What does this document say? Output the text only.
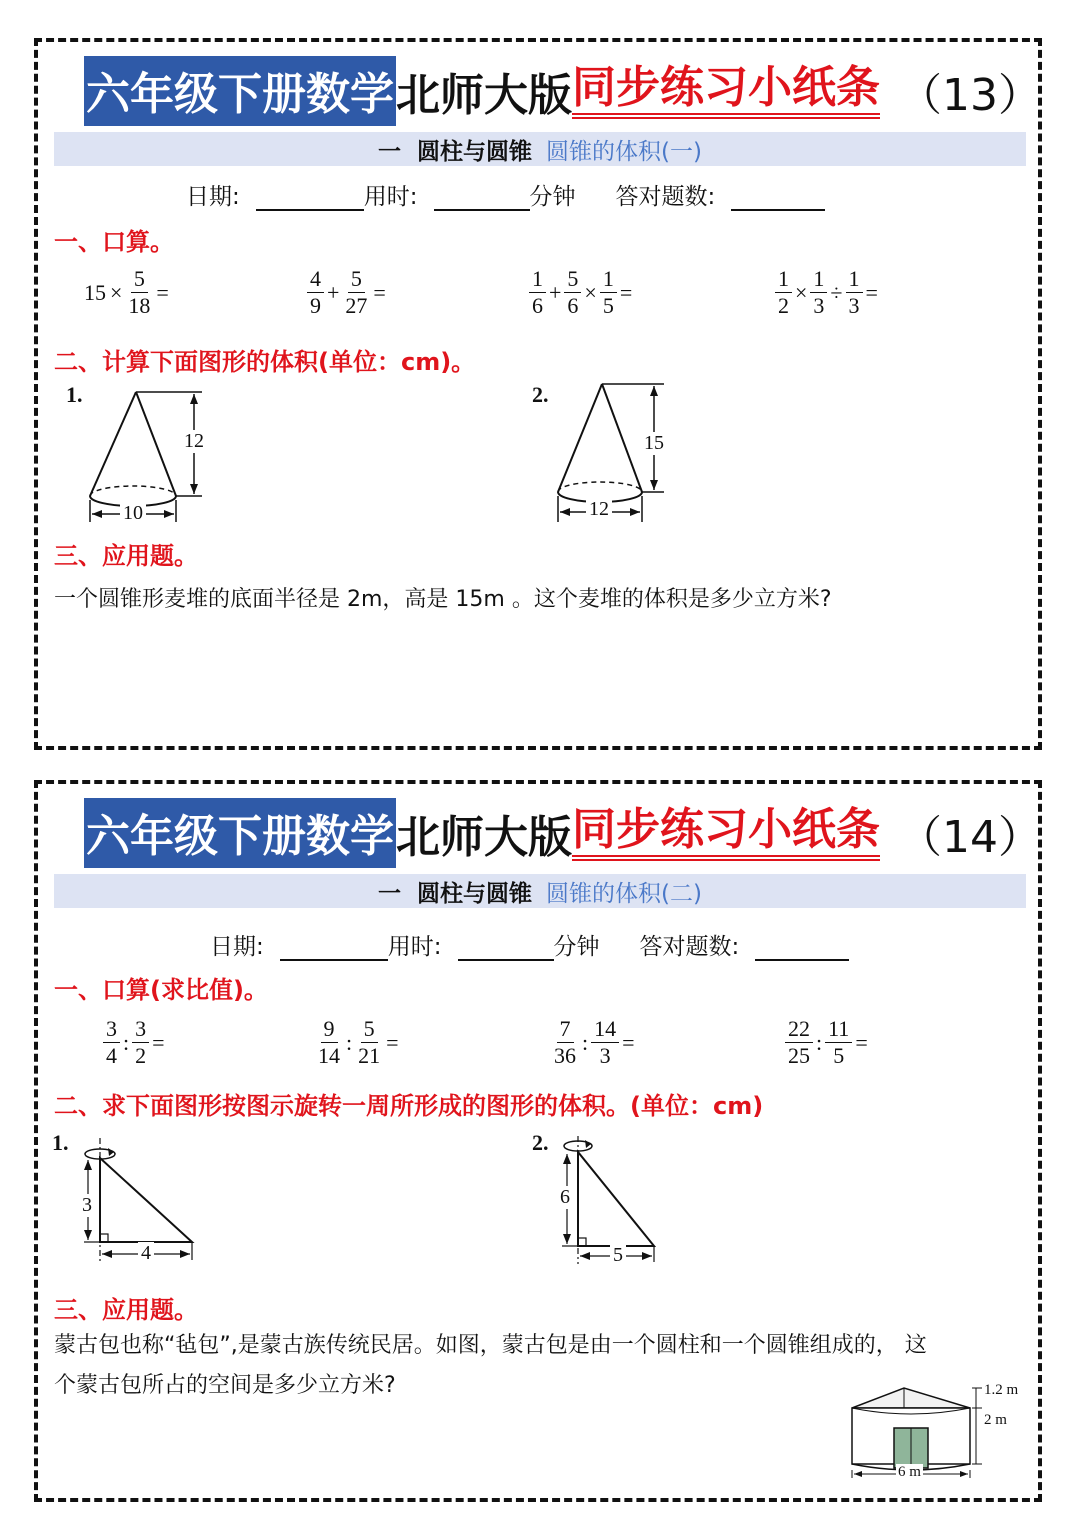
六年级下册数学 北师大版 同步练习小纸条 （13）
一 圆柱与圆锥 圆锥的体积(一)
日期:	用时:	分钟 答对题数:
一、口算。
$15 \times \frac{5}{18}$ =	$\frac{4}{9} + \frac{5}{27}$ =	$\frac{1}{6} + \frac{5}{6} \times \frac{1}{5}$ =	$\frac{1}{2} \times \frac{1}{3} \div \frac{1}{3}$ =
二、计算下面图形的体积(单位：cm)。
1.
12
10
2.
15
12
三、应用题。
一个圆锥形麦堆的底面半径是 2m，高是 15m 。这个麦堆的体积是多少立方米?
六年级下册数学 北师大版 同步练习小纸条 （14）
一 圆柱与圆锥 圆锥的体积(二)
日期:	用时:	分钟 答对题数:
一、口算(求比值)。
$\frac{3}{4}$ : $\frac{3}{2}$ =	$\frac{9}{14}$ : $\frac{5}{21}$ =	$\frac{7}{36}$ : $\frac{14}{3}$ =	$\frac{22}{25}$ : $\frac{11}{5}$ =
二、求下面图形按图示旋转一周所形成的图形的体积。(单位：cm)
1.
3
4
2.
6
5
三、应用题。
蒙古包也称“毡包”,是蒙古族传统民居。如图，蒙古包是由一个圆柱和一个圆锥组成的， 这
个蒙古包所占的空间是多少立方米?	1.2 m
2 m
6 m
